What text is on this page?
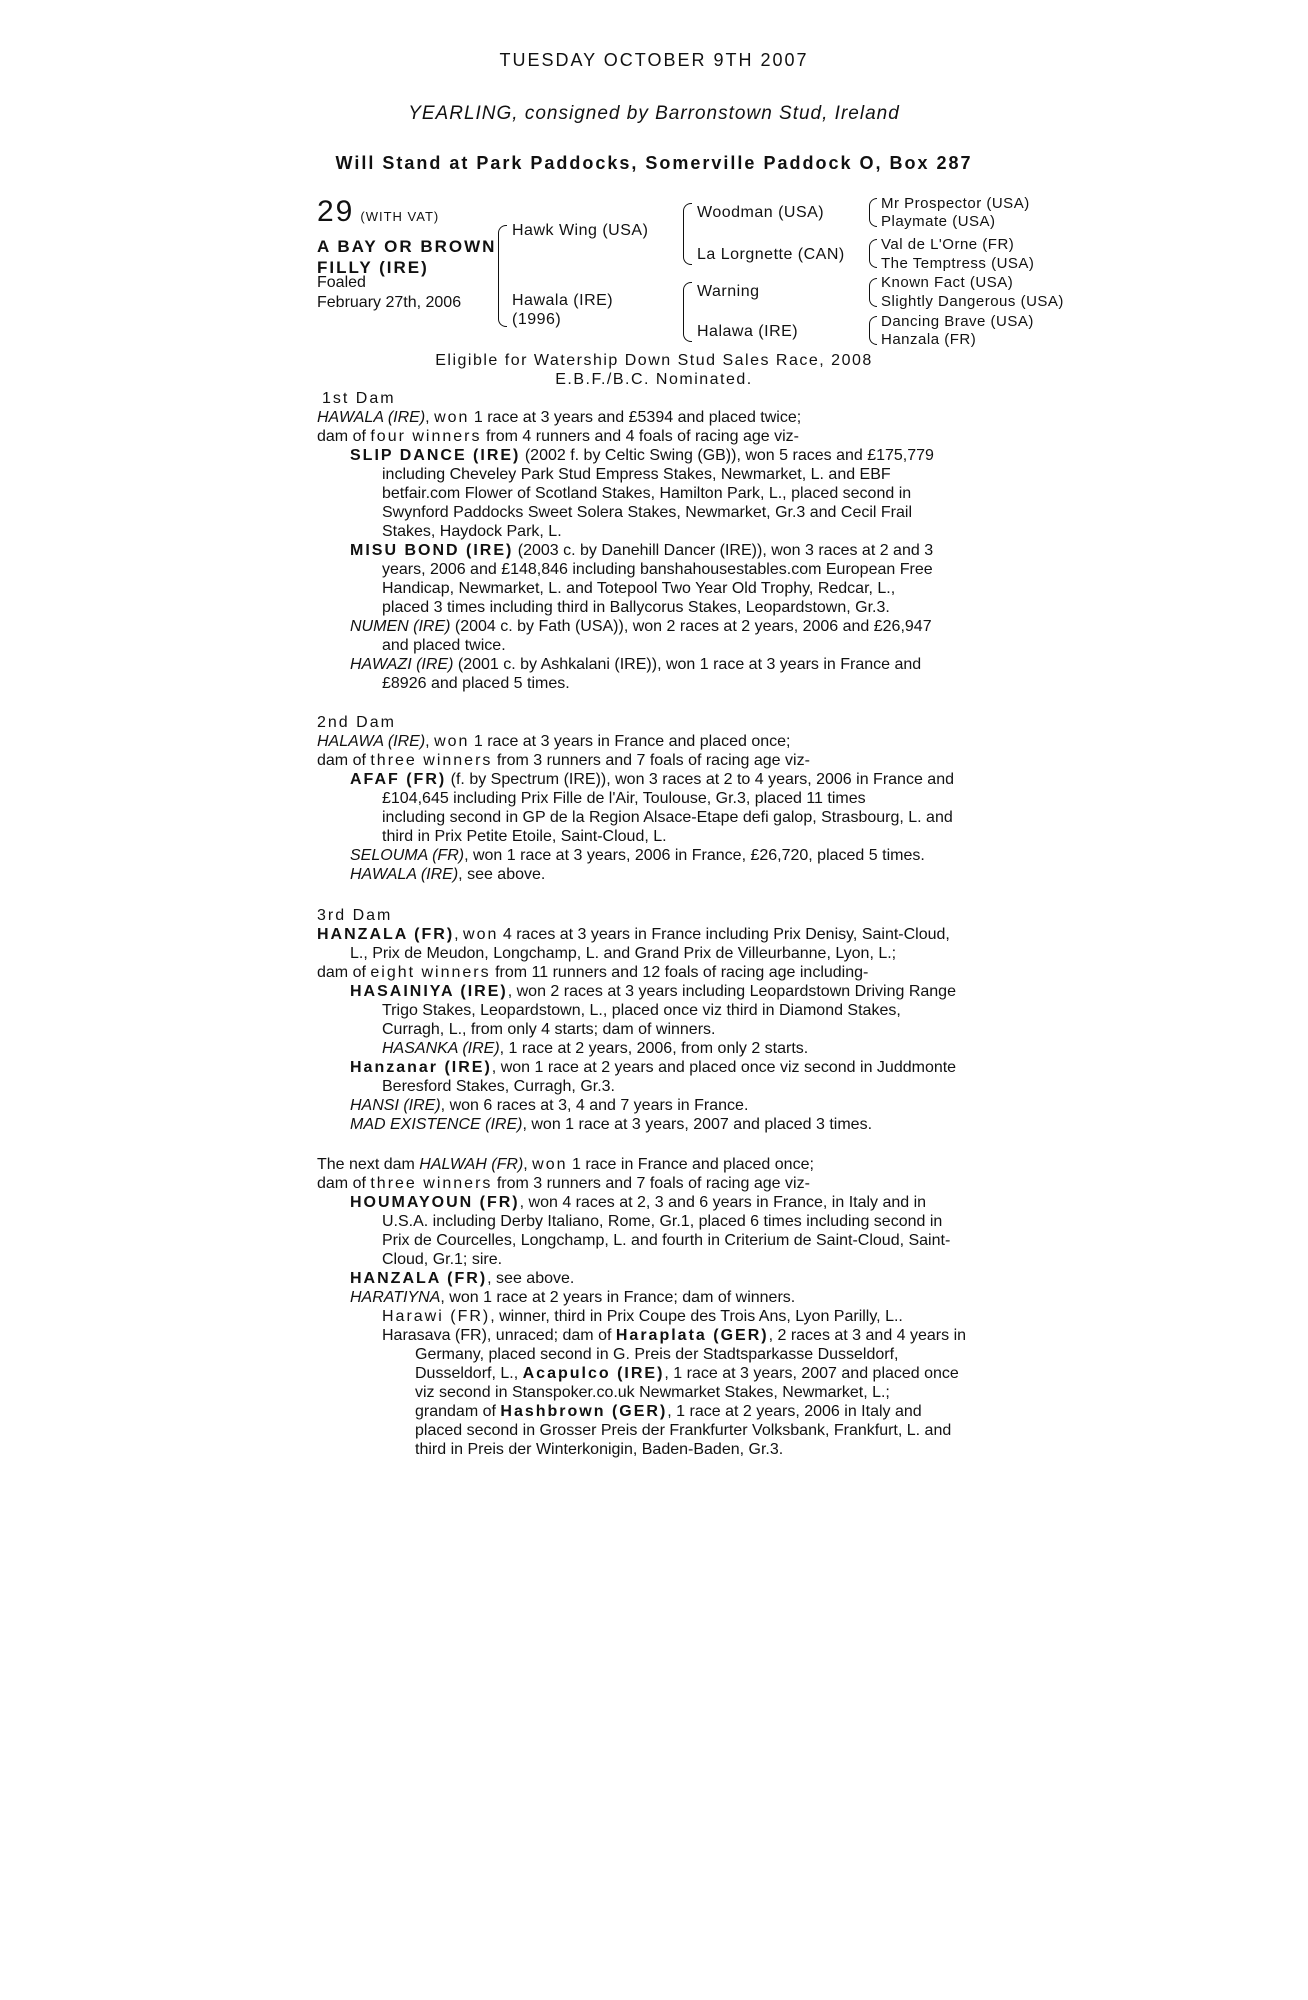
TUESDAY OCTOBER 9TH 2007
YEARLING, consigned by Barronstown Stud, Ireland
Will Stand at Park Paddocks, Somerville Paddock O, Box 287
29 (WITH VAT)
A BAY OR BROWN
FILLY (IRE)
Foaled
February 27th, 2006
Hawk Wing (USA)
Hawala (IRE)
(1996)
Woodman (USA)
La Lorgnette (CAN)
Warning
Halawa (IRE)
Mr Prospector (USA)
Playmate (USA)
Val de L'Orne (FR)
The Temptress (USA)
Known Fact (USA)
Slightly Dangerous (USA)
Dancing Brave (USA)
Hanzala (FR)
Eligible for Watership Down Stud Sales Race, 2008
E.B.F./B.C. Nominated.
1st Dam
HAWALA (IRE), won 1 race at 3 years and £5394 and placed twice;
dam of four winners from 4 runners and 4 foals of racing age viz-
SLIP DANCE (IRE) (2002 f. by Celtic Swing (GB)), won 5 races and £175,779
including Cheveley Park Stud Empress Stakes, Newmarket, L. and EBF
betfair.com Flower of Scotland Stakes, Hamilton Park, L., placed second in
Swynford Paddocks Sweet Solera Stakes, Newmarket, Gr.3 and Cecil Frail
Stakes, Haydock Park, L.
MISU BOND (IRE) (2003 c. by Danehill Dancer (IRE)), won 3 races at 2 and 3
years, 2006 and £148,846 including banshahousestables.com European Free
Handicap, Newmarket, L. and Totepool Two Year Old Trophy, Redcar, L.,
placed 3 times including third in Ballycorus Stakes, Leopardstown, Gr.3.
NUMEN (IRE) (2004 c. by Fath (USA)), won 2 races at 2 years, 2006 and £26,947
and placed twice.
HAWAZI (IRE) (2001 c. by Ashkalani (IRE)), won 1 race at 3 years in France and
£8926 and placed 5 times.
2nd Dam
HALAWA (IRE), won 1 race at 3 years in France and placed once;
dam of three winners from 3 runners and 7 foals of racing age viz-
AFAF (FR) (f. by Spectrum (IRE)), won 3 races at 2 to 4 years, 2006 in France and
£104,645 including Prix Fille de l'Air, Toulouse, Gr.3, placed 11 times
including second in GP de la Region Alsace-Etape defi galop, Strasbourg, L. and
third in Prix Petite Etoile, Saint-Cloud, L.
SELOUMA (FR), won 1 race at 3 years, 2006 in France, £26,720, placed 5 times.
HAWALA (IRE), see above.
3rd Dam
HANZALA (FR), won 4 races at 3 years in France including Prix Denisy, Saint-Cloud,
L., Prix de Meudon, Longchamp, L. and Grand Prix de Villeurbanne, Lyon, L.;
dam of eight winners from 11 runners and 12 foals of racing age including-
HASAINIYA (IRE), won 2 races at 3 years including Leopardstown Driving Range
Trigo Stakes, Leopardstown, L., placed once viz third in Diamond Stakes,
Curragh, L., from only 4 starts; dam of winners.
HASANKA (IRE), 1 race at 2 years, 2006, from only 2 starts.
Hanzanar (IRE), won 1 race at 2 years and placed once viz second in Juddmonte
Beresford Stakes, Curragh, Gr.3.
HANSI (IRE), won 6 races at 3, 4 and 7 years in France.
MAD EXISTENCE (IRE), won 1 race at 3 years, 2007 and placed 3 times.
The next dam HALWAH (FR), won 1 race in France and placed once;
dam of three winners from 3 runners and 7 foals of racing age viz-
HOUMAYOUN (FR), won 4 races at 2, 3 and 6 years in France, in Italy and in
U.S.A. including Derby Italiano, Rome, Gr.1, placed 6 times including second in
Prix de Courcelles, Longchamp, L. and fourth in Criterium de Saint-Cloud, Saint-
Cloud, Gr.1; sire.
HANZALA (FR), see above.
HARATIYNA, won 1 race at 2 years in France; dam of winners.
Harawi (FR), winner, third in Prix Coupe des Trois Ans, Lyon Parilly, L..
Harasava (FR), unraced; dam of Haraplata (GER), 2 races at 3 and 4 years in
Germany, placed second in G. Preis der Stadtsparkasse Dusseldorf,
Dusseldorf, L., Acapulco (IRE), 1 race at 3 years, 2007 and placed once
viz second in Stanspoker.co.uk Newmarket Stakes, Newmarket, L.;
grandam of Hashbrown (GER), 1 race at 2 years, 2006 in Italy and
placed second in Grosser Preis der Frankfurter Volksbank, Frankfurt, L. and
third in Preis der Winterkonigin, Baden-Baden, Gr.3.
